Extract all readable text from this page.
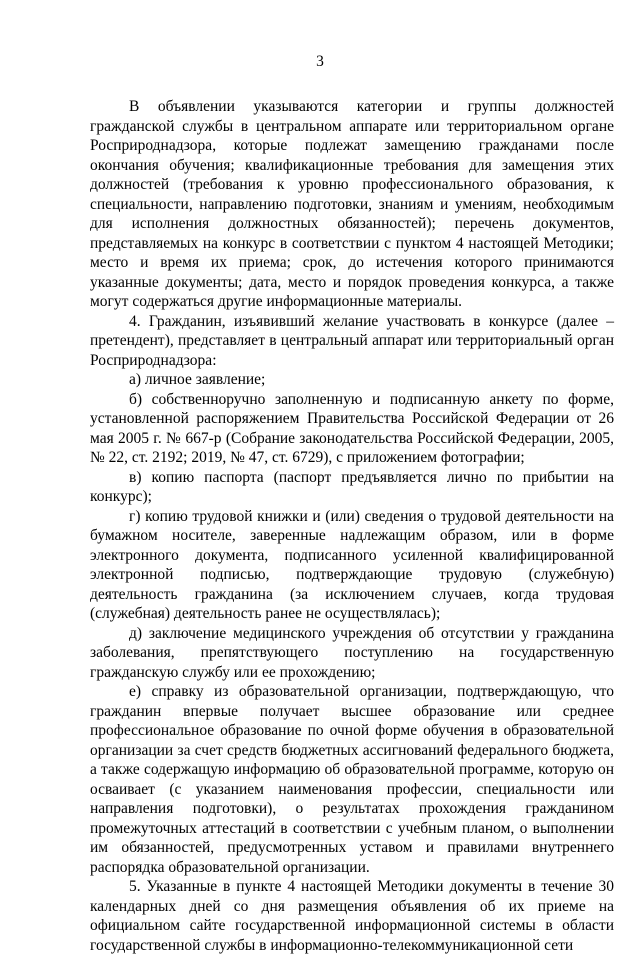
3

В объявлении указываются категории и группы должностей гражданской службы в центральном аппарате или территориальном органе Росприроднадзора, которые подлежат замещению гражданами после окончания обучения; квалификационные требования для замещения этих должностей (требования к уровню профессионального образования, к специальности, направлению подготовки, знаниям и умениям, необходимым для исполнения должностных обязанностей); перечень документов, представляемых на конкурс в соответствии с пунктом 4 настоящей Методики; место и время их приема; срок, до истечения которого принимаются указанные документы; дата, место и порядок проведения конкурса, а также могут содержаться другие информационные материалы.

4. Гражданин, изъявивший желание участвовать в конкурсе (далее – претендент), представляет в центральный аппарат или территориальный орган Росприроднадзора:

а) личное заявление;

б) собственноручно заполненную и подписанную анкету по форме, установленной распоряжением Правительства Российской Федерации от 26 мая 2005 г. № 667-р (Собрание законодательства Российской Федерации, 2005, № 22, ст. 2192; 2019, № 47, ст. 6729), с приложением фотографии;

в) копию паспорта (паспорт предъявляется лично по прибытии на конкурс);

г) копию трудовой книжки и (или) сведения о трудовой деятельности на бумажном носителе, заверенные надлежащим образом, или в форме электронного документа, подписанного усиленной квалифицированной электронной подписью, подтверждающие трудовую (служебную) деятельность гражданина (за исключением случаев, когда трудовая (служебная) деятельность ранее не осуществлялась);

д) заключение медицинского учреждения об отсутствии у гражданина заболевания, препятствующего поступлению на государственную гражданскую службу или ее прохождению;

е) справку из образовательной организации, подтверждающую, что гражданин впервые получает высшее образование или среднее профессиональное образование по очной форме обучения в образовательной организации за счет средств бюджетных ассигнований федерального бюджета, а также содержащую информацию об образовательной программе, которую он осваивает (с указанием наименования профессии, специальности или направления подготовки), о результатах прохождения гражданином промежуточных аттестаций в соответствии с учебным планом, о выполнении им обязанностей, предусмотренных уставом и правилами внутреннего распорядка образовательной организации.

5. Указанные в пункте 4 настоящей Методики документы в течение 30 календарных дней со дня размещения объявления об их приеме на официальном сайте государственной информационной системы в области государственной службы в информационно-телекоммуникационной сети
